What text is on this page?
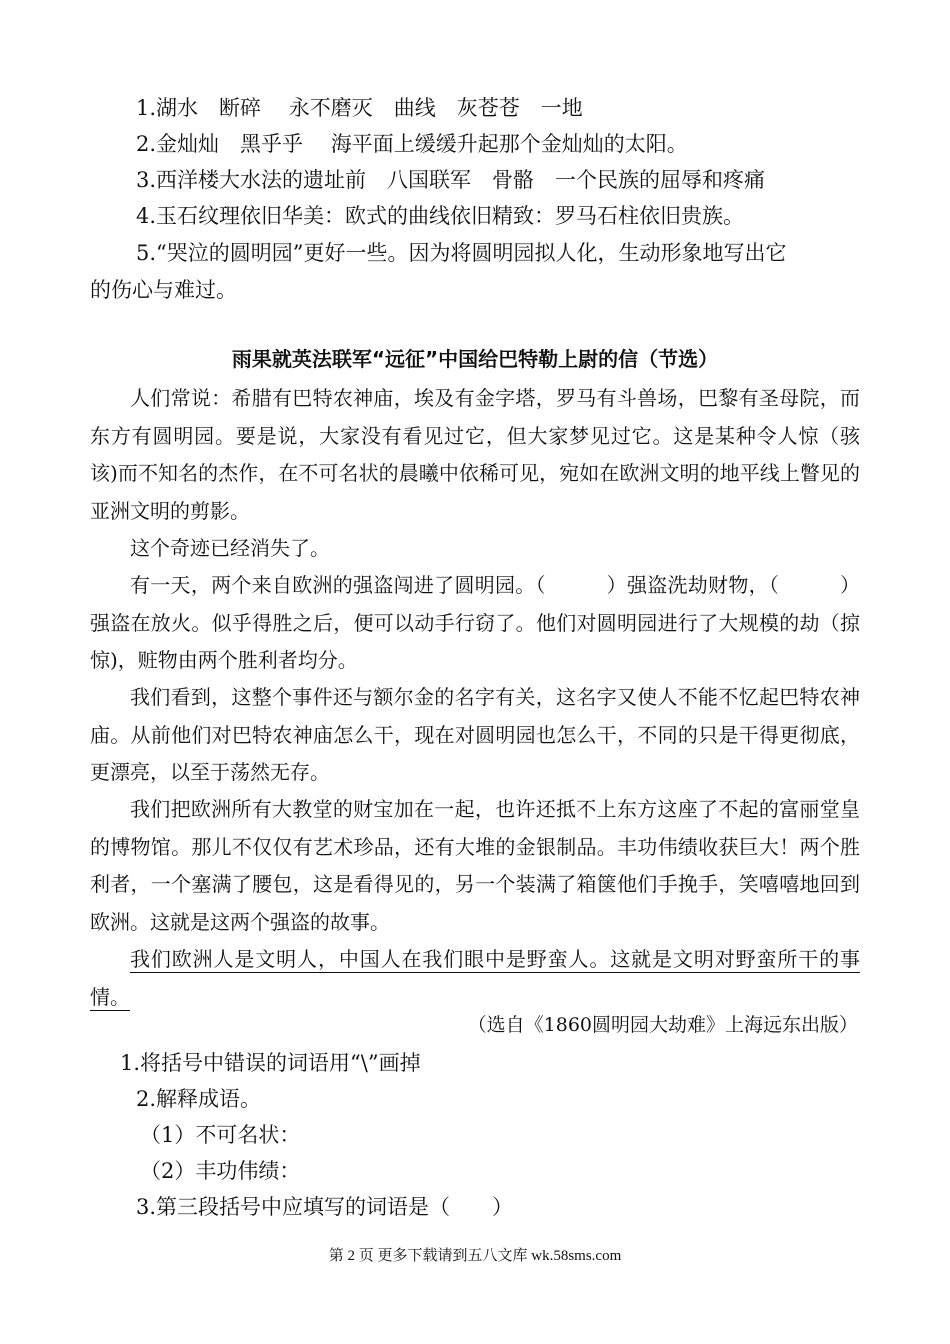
1.湖水　断碎　 永不磨灭　曲线　灰苍苍　一地
2.金灿灿　黑乎乎　 海平面上缓缓升起那个金灿灿的太阳。
3.西洋楼大水法的遗址前　八国联军　骨骼　一个民族的屈辱和疼痛
4.玉石纹理依旧华美：欧式的曲线依旧精致：罗马石柱依旧贵族。
5.“哭泣的圆明园”更好一些。因为将圆明园拟人化，生动形象地写出它
的伤心与难过。
雨果就英法联军“远征”中国给巴特勒上尉的信（节选）
人们常说：希腊有巴特农神庙，埃及有金字塔，罗马有斗兽场，巴黎有圣母院，而东方有圆明园。要是说，大家没有看见过它，但大家梦见过它。这是某种令人惊（骇 该)而不知名的杰作，在不可名状的晨曦中依稀可见，宛如在欧洲文明的地平线上瞥见的亚洲文明的剪影。
这个奇迹已经消失了。
有一天，两个来自欧洲的强盗闯进了圆明园。（　　　）强盗洗劫财物，（　　　）强盗在放火。似乎得胜之后，便可以动手行窃了。他们对圆明园进行了大规模的劫（掠 惊)，赃物由两个胜利者均分。
我们看到，这整个事件还与额尔金的名字有关，这名字又使人不能不忆起巴特农神庙。从前他们对巴特农神庙怎么干，现在对圆明园也怎么干，不同的只是干得更彻底，更漂亮，以至于荡然无存。
我们把欧洲所有大教堂的财宝加在一起，也许还抵不上东方这座了不起的富丽堂皇的博物馆。那儿不仅仅有艺术珍品，还有大堆的金银制品。丰功伟绩收获巨大！两个胜利者，一个塞满了腰包，这是看得见的，另一个装满了箱箧他们手挽手，笑嘻嘻地回到欧洲。这就是这两个强盗的故事。
我们欧洲人是文明人，中国人在我们眼中是野蛮人。这就是文明对野蛮所干的事情。
（选自《1860圆明园大劫难》上海远东出版）
1.将括号中错误的词语用“\”画掉
2.解释成语。
（1）不可名状：
（2）丰功伟绩：
3.第三段括号中应填写的词语是（　　）
第 2 页 更多下载请到五八文库 wk.58sms.com
